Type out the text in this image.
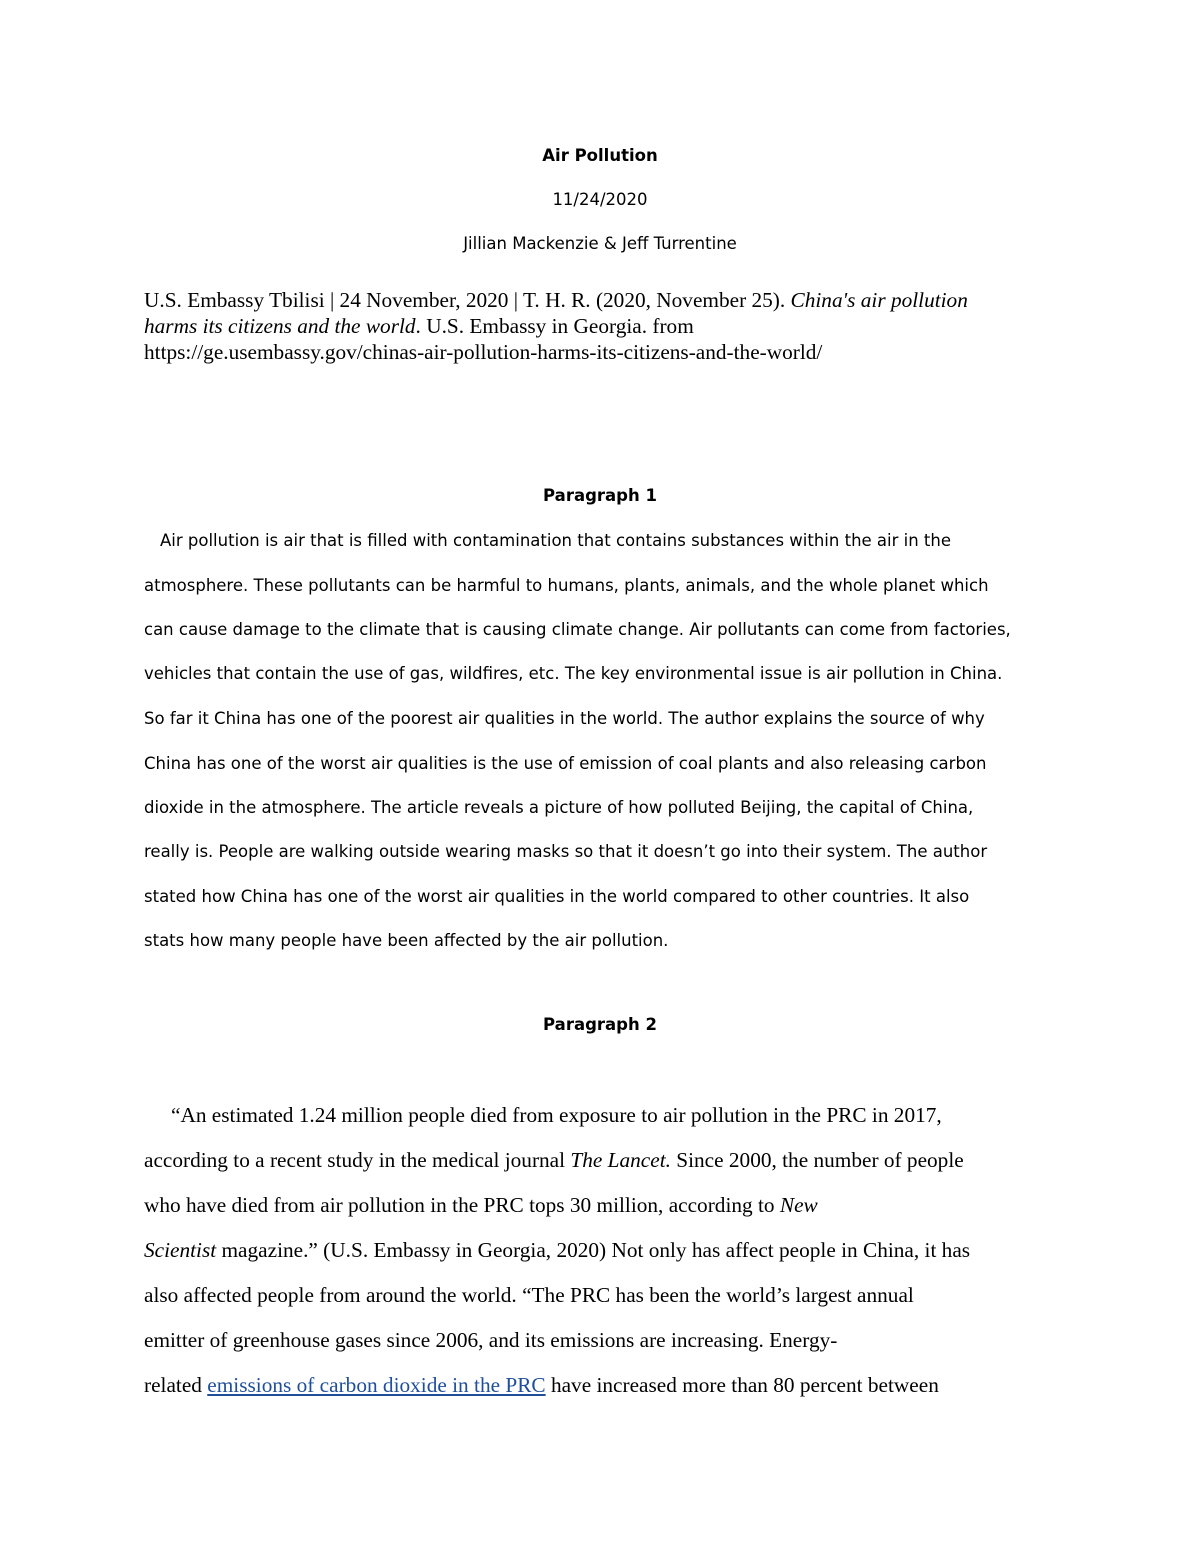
Air Pollution
11/24/2020
Jillian Mackenzie & Jeff Turrentine
U.S. Embassy Tbilisi | 24 November, 2020 | T. H. R. (2020, November 25). China's air pollution
harms its citizens and the world. U.S. Embassy in Georgia. from
https://ge.usembassy.gov/chinas-air-pollution-harms-its-citizens-and-the-world/
Paragraph 1
Air pollution is air that is filled with contamination that contains substances within the air in the
atmosphere. These pollutants can be harmful to humans, plants, animals, and the whole planet which
can cause damage to the climate that is causing climate change. Air pollutants can come from factories,
vehicles that contain the use of gas, wildfires, etc. The key environmental issue is air pollution in China.
So far it China has one of the poorest air qualities in the world. The author explains the source of why
China has one of the worst air qualities is the use of emission of coal plants and also releasing carbon
dioxide in the atmosphere. The article reveals a picture of how polluted Beijing, the capital of China,
really is. People are walking outside wearing masks so that it doesn’t go into their system. The author
stated how China has one of the worst air qualities in the world compared to other countries. It also
stats how many people have been affected by the air pollution.
Paragraph 2
“An estimated 1.24 million people died from exposure to air pollution in the PRC in 2017,
according to a recent study in the medical journal The Lancet. Since 2000, the number of people
who have died from air pollution in the PRC tops 30 million, according to New
Scientist magazine.” (U.S. Embassy in Georgia, 2020) Not only has affect people in China, it has
also affected people from around the world. “The PRC has been the world’s largest annual
emitter of greenhouse gases since 2006, and its emissions are increasing. Energy-
related emissions of carbon dioxide in the PRC have increased more than 80 percent between
